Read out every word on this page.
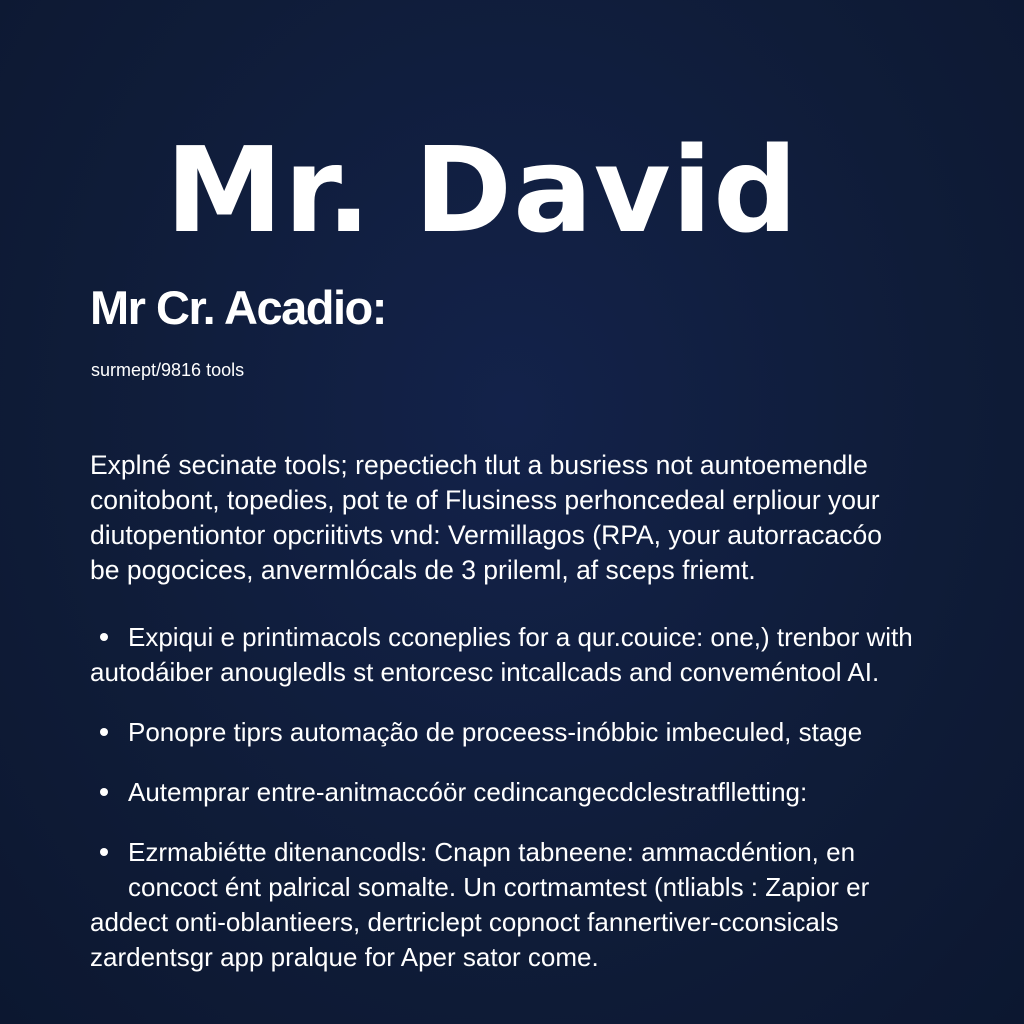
Mr. David
Mr Cr. Acadio:

surmept/9816 tools

Explné secinate tools; repectiech tlut a busriess not auntoemendle
conitobont, topedies, pot te of Flusiness perhoncedeal erpliour your
diutopentiontor opcriitivts vnd: Vermillagos (RPA, your autorracacóo
be pogocices, anvermlócals de 3 prileml, af sceps friemt.

Expiqui e printimacols cconeplies for a qur.couice: one,) trenbor with
autodáiber anougledls st entorcesc intcallcads and conveméntool AI.
Ponopre tiprs automação de proceess-inóbbic imbeculed, stage
Autemprar entre-anitmaccóör cedincangecdclestratflletting:
Ezrmabiétte ditenancodls: Cnapn tabneene: ammacdéntion, en
concoct ént palrical somalte. Un cortmamtest (ntliabls : Zapior er
addect onti-oblantieers, dertriclept copnoct fannertiver-cconsicals
zardentsgr app pralque for Aper sator come.
